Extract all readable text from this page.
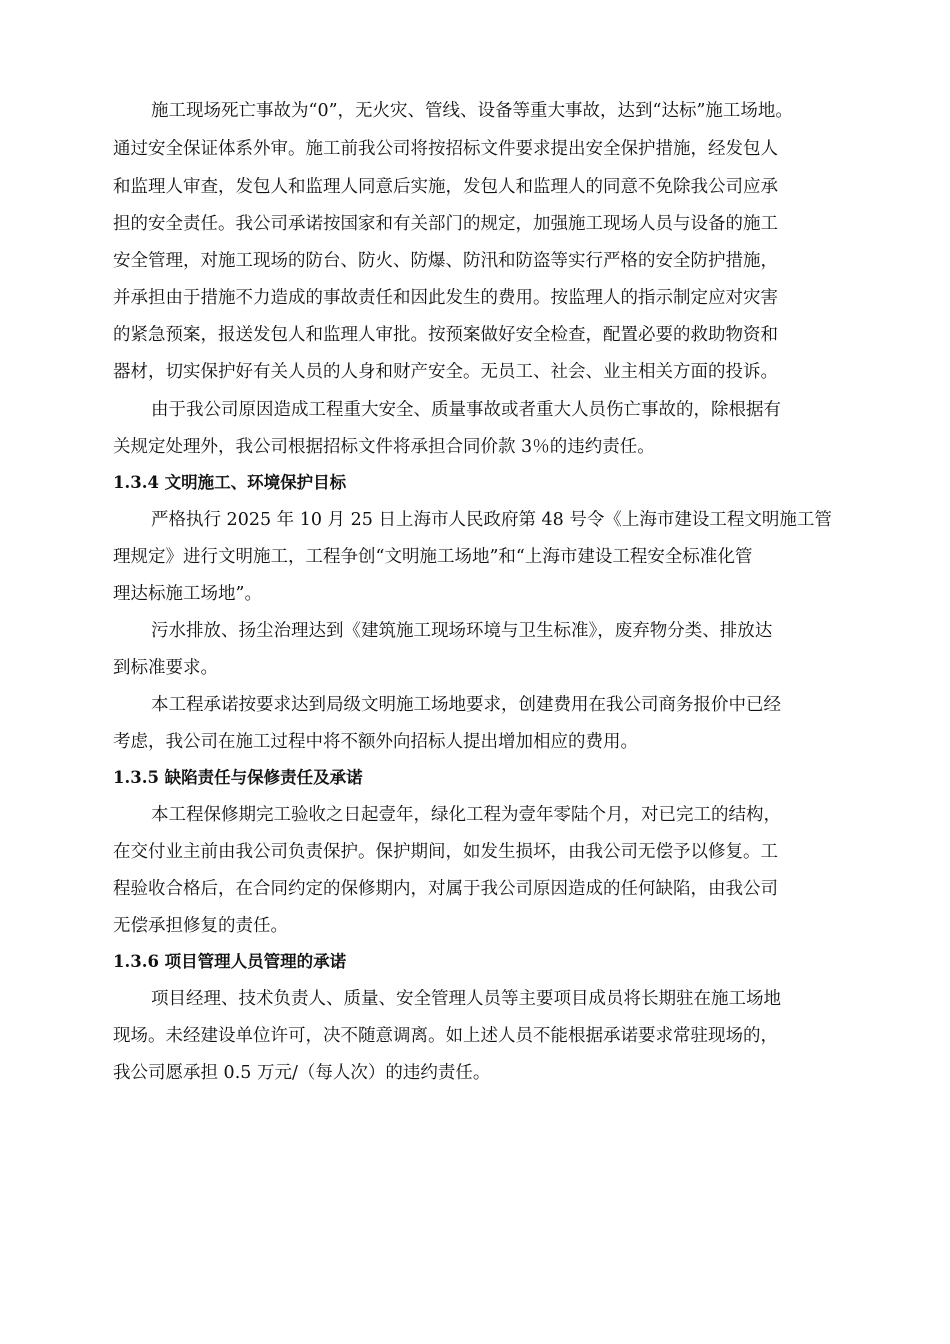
施工现场死亡事故为“0”，无火灾、管线、设备等重大事故，达到“达标”施工场地。

通过安全保证体系外审。施工前我公司将按招标文件要求提出安全保护措施，经发包人

和监理人审查，发包人和监理人同意后实施，发包人和监理人的同意不免除我公司应承

担的安全责任。我公司承诺按国家和有关部门的规定，加强施工现场人员与设备的施工

安全管理，对施工现场的防台、防火、防爆、防汛和防盗等实行严格的安全防护措施，

并承担由于措施不力造成的事故责任和因此发生的费用。按监理人的指示制定应对灾害

的紧急预案，报送发包人和监理人审批。按预案做好安全检查，配置必要的救助物资和

器材，切实保护好有关人员的人身和财产安全。无员工、社会、业主相关方面的投诉。

由于我公司原因造成工程重大安全、质量事故或者重大人员伤亡事故的，除根据有

关规定处理外，我公司根据招标文件将承担合同价款 3％的违约责任。

1.3.4 文明施工、环境保护目标

严格执行 2025 年 10 月 25 日上海市人民政府第 48 号令《上海市建设工程文明施工管

理规定》进行文明施工，工程争创“文明施工场地”和“上海市建设工程安全标准化管

理达标施工场地”。

污水排放、扬尘治理达到《建筑施工现场环境与卫生标准》，废弃物分类、排放达

到标准要求。

本工程承诺按要求达到局级文明施工场地要求，创建费用在我公司商务报价中已经

考虑，我公司在施工过程中将不额外向招标人提出增加相应的费用。

1.3.5 缺陷责任与保修责任及承诺

本工程保修期完工验收之日起壹年，绿化工程为壹年零陆个月，对已完工的结构，

在交付业主前由我公司负责保护。保护期间，如发生损坏，由我公司无偿予以修复。工

程验收合格后，在合同约定的保修期内，对属于我公司原因造成的任何缺陷，由我公司

无偿承担修复的责任。

1.3.6 项目管理人员管理的承诺

项目经理、技术负责人、质量、安全管理人员等主要项目成员将长期驻在施工场地

现场。未经建设单位许可，决不随意调离。如上述人员不能根据承诺要求常驻现场的，

我公司愿承担 0.5 万元/（每人次）的违约责任。
